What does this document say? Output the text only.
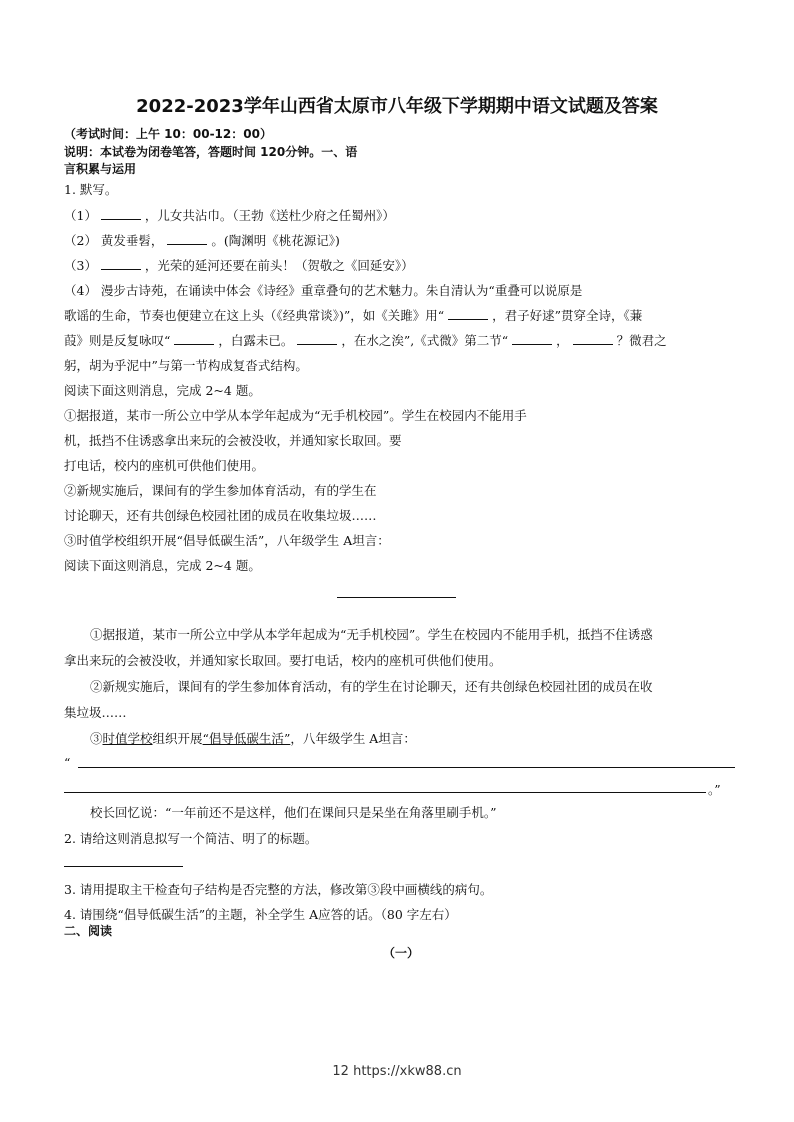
2022-2023学年山西省太原市八年级下学期期中语文试题及答案
（考试时间：上午 10：00-12：00）
说明：本试卷为闭卷笔答，答题时间 120分钟。一、语
言积累与运用
1. 默写。
（1）	，儿女共沾巾。（王勃《送杜少府之任蜀州》）
（2） 黄发垂髫，	。(陶渊明《桃花源记》)
（3）	，光荣的延河还要在前头！（贺敬之《回延安》）
（4） 漫步古诗苑，在诵读中体会《诗经》重章叠句的艺术魅力。朱自清认为“重叠可以说原是
歌谣的生命，节奏也便建立在这上头（《经典常谈》)”，如《关雎》用“	，君子好逑”贯穿全诗，《蒹
葭》则是反复咏叹“	，白露未已。	，在水之涘”,《式微》第二节“	，	？微君之
躬，胡为乎泥中”与第一节构成复沓式结构。
阅读下面这则消息，完成 2~4 题。
①据报道，某市一所公立中学从本学年起成为“无手机校园”。学生在校园内不能用手
机，抵挡不住诱惑拿出来玩的会被没收，并通知家长取回。要
打电话，校内的座机可供他们使用。
②新规实施后，课间有的学生参加体育活动，有的学生在
讨论聊天，还有共创绿色校园社团的成员在收集垃圾……
③时值学校组织开展“倡导低碳生活”，八年级学生 A坦言：
阅读下面这则消息，完成 2~4 题。
①据报道，某市一所公立中学从本学年起成为“无手机校园”。学生在校园内不能用手机，抵挡不住诱惑
拿出来玩的会被没收，并通知家长取回。要打电话，校内的座机可供他们使用。
②新规实施后，课间有的学生参加体育活动，有的学生在讨论聊天，还有共创绿色校园社团的成员在收
集垃圾……
③时值学校组织开展“倡导低碳生活”，八年级学生 A坦言：
“
。”
校长回忆说：“一年前还不是这样，他们在课间只是呆坐在角落里刷手机。”
2. 请给这则消息拟写一个简洁、明了的标题。
3. 请用提取主干检查句子结构是否完整的方法，修改第③段中画横线的病句。
4. 请围绕“倡导低碳生活”的主题，补全学生 A应答的话。（80 字左右）
二、阅读
（一）
12 https://xkw88.cn
